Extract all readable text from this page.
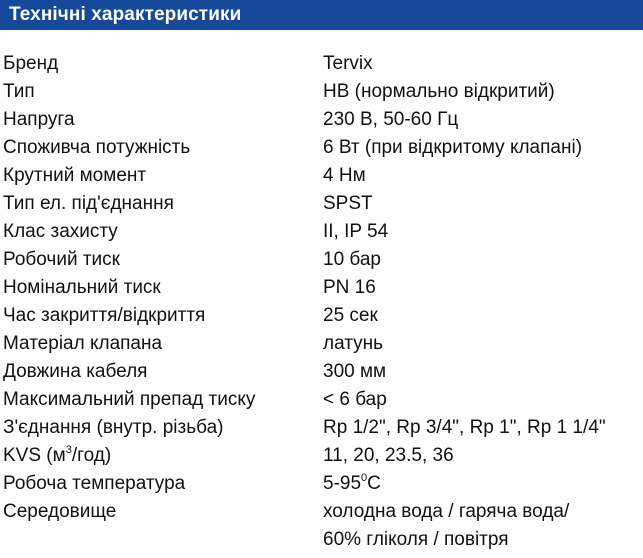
Технічні характеристики
Бренд	Tervix
Тип	НВ (нормально відкритий)
Напруга	230 В, 50-60 Гц
Споживча потужність	6 Вт (при відкритому клапані)
Крутний момент	4 Нм
Тип ел. під'єднання	SPST
Клас захисту	II, IP 54
Робочий тиск	10 бар
Номінальний тиск	PN 16
Час закриття/відкриття	25 сек
Матеріал клапана	латунь
Довжина кабеля	300 мм
Максимальний препад тиску	< 6 бар
З'єднання (внутр. різьба)	Rp 1/2", Rp 3/4", Rp 1", Rp 1 1/4"
KVS $(м^3/год)$	11, 20, 23.5, 36
Робоча температура	$5-95^0С$
Середовище	холодна вода / гаряча вода/
60% гліколя / повітря
